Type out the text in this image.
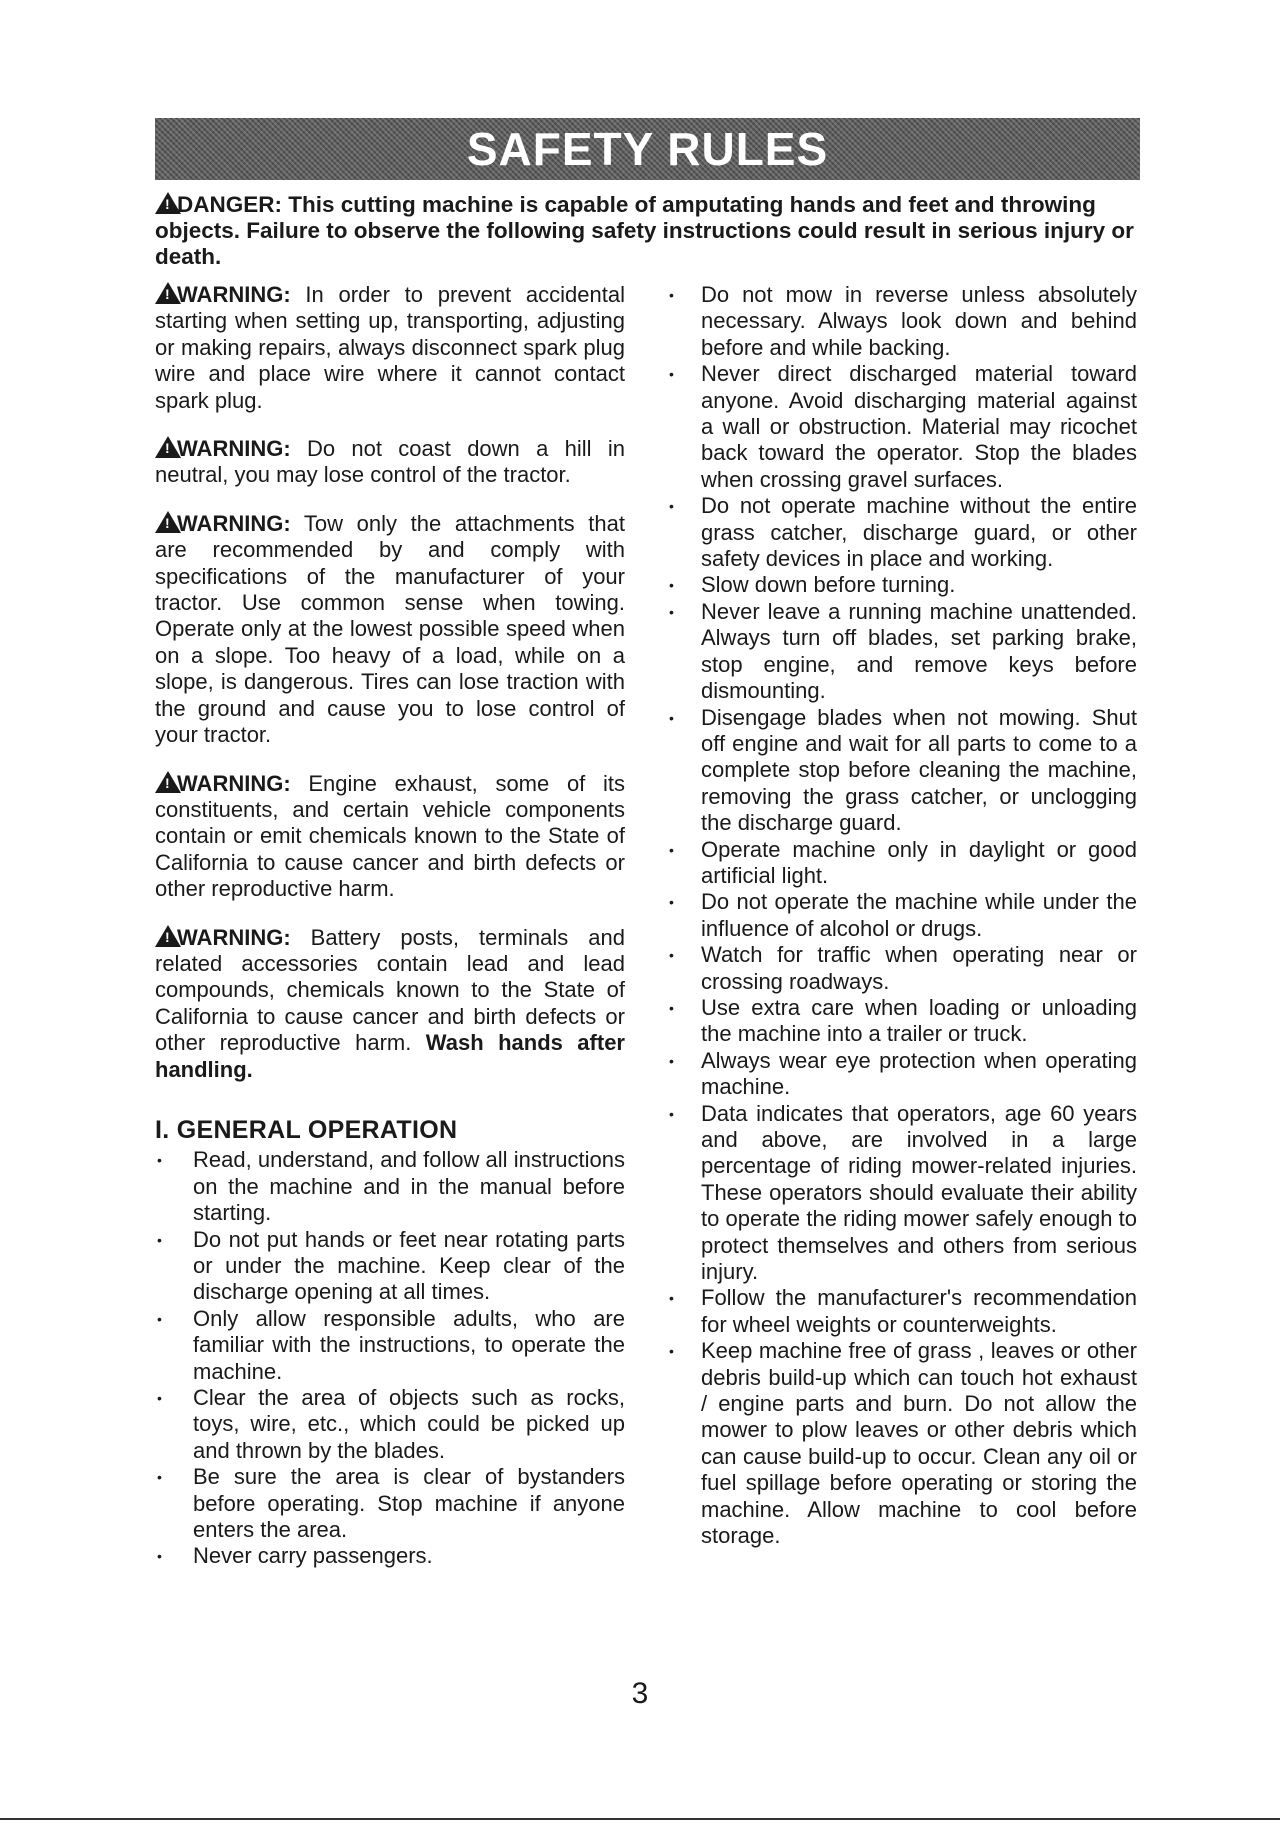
SAFETY RULES
!DANGER: This cutting machine is capable of amputating hands and feet and throwing objects. Failure to observe the following safety instructions could result in serious injury or death.

!WARNING: In order to prevent accidental starting when setting up, transporting, adjusting or making repairs, always disconnect spark plug wire and place wire where it cannot contact spark plug.

!WARNING: Do not coast down a hill in neutral, you may lose control of the tractor.

!WARNING: Tow only the attachments that are recommended by and comply with specifications of the manufacturer of your tractor. Use common sense when towing. Operate only at the lowest possible speed when on a slope. Too heavy of a load, while on a slope, is dangerous. Tires can lose traction with the ground and cause you to lose control of your tractor.

!WARNING: Engine exhaust, some of its constituents, and certain vehicle components contain or emit chemicals known to the State of California to cause cancer and birth defects or other reproductive harm.

!WARNING: Battery posts, terminals and related accessories contain lead and lead compounds, chemicals known to the State of California to cause cancer and birth defects or other reproductive harm. Wash hands after handling.

I. GENERAL OPERATION
• Read, understand, and follow all instructions on the machine and in the manual before starting.
• Do not put hands or feet near rotating parts or under the machine. Keep clear of the discharge opening at all times.
• Only allow responsible adults, who are familiar with the instructions, to operate the machine.
• Clear the area of objects such as rocks, toys, wire, etc., which could be picked up and thrown by the blades.
• Be sure the area is clear of bystanders before operating. Stop machine if anyone enters the area.
• Never carry passengers.
• Do not mow in reverse unless absolutely necessary. Always look down and behind before and while backing.
• Never direct discharged material toward anyone. Avoid discharging material against a wall or obstruction. Material may ricochet back toward the operator. Stop the blades when crossing gravel surfaces.
• Do not operate machine without the entire grass catcher, discharge guard, or other safety devices in place and working.
• Slow down before turning.
• Never leave a running machine unattended. Always turn off blades, set parking brake, stop engine, and remove keys before dismounting.
• Disengage blades when not mowing. Shut off engine and wait for all parts to come to a complete stop before cleaning the machine, removing the grass catcher, or unclogging the discharge guard.
• Operate machine only in daylight or good artificial light.
• Do not operate the machine while under the influence of alcohol or drugs.
• Watch for traffic when operating near or crossing roadways.
• Use extra care when loading or unloading the machine into a trailer or truck.
• Always wear eye protection when operating machine.
• Data indicates that operators, age 60 years and above, are involved in a large percentage of riding mower-related injuries. These operators should evaluate their ability to operate the riding mower safely enough to protect themselves and others from serious injury.
• Follow the manufacturer's recommendation for wheel weights or counterweights.
• Keep machine free of grass , leaves or other debris build-up which can touch hot exhaust / engine parts and burn. Do not allow the mower to plow leaves or other debris which can cause build-up to occur. Clean any oil or fuel spillage before operating or storing the machine. Allow machine to cool before storage.
3
